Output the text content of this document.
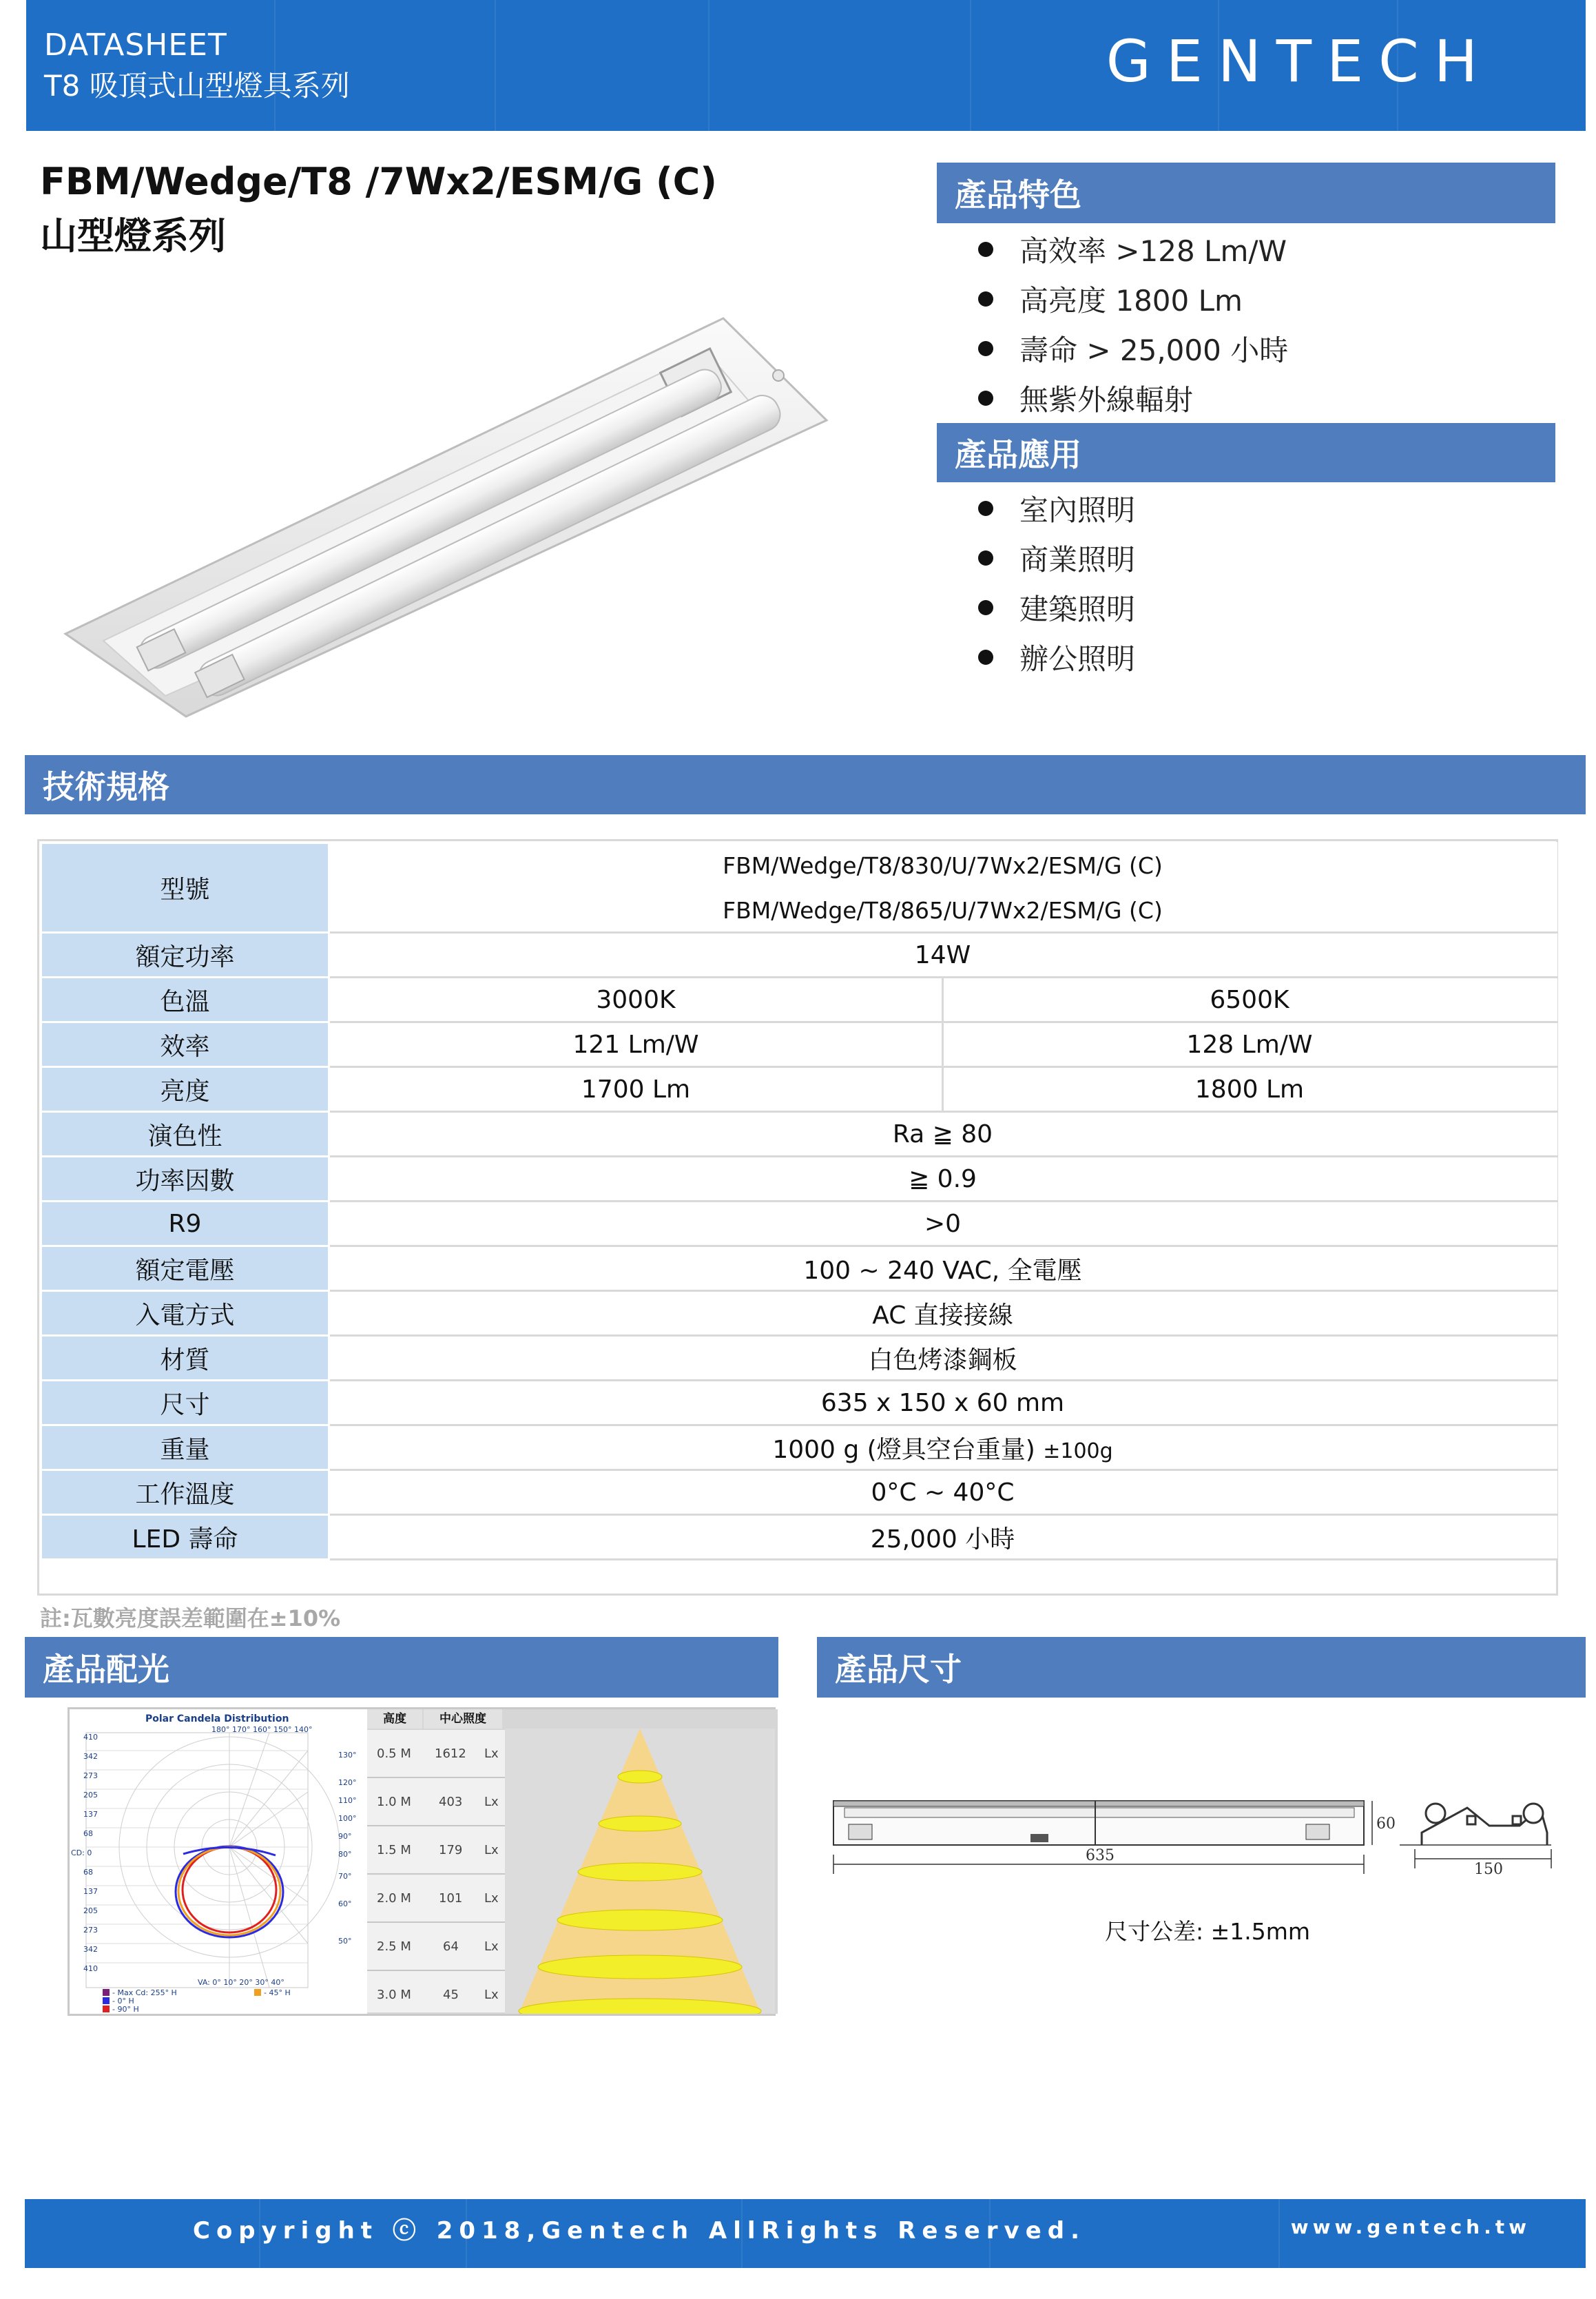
DATASHEET
T8 吸頂式山型燈具系列	GENTECH
FBM/Wedge/T8 /7Wx2/ESM/G (C)
山型燈系列
產品特色
高效率 >128 Lm/W
高亮度 1800 Lm
壽命 > 25,000 小時
無紫外線輻射
產品應用
室內照明
商業照明
建築照明
辦公照明
技術規格
型號	FBM/Wedge/T8/830/U/7Wx2/ESM/G (C)	
	FBM/Wedge/T8/865/U/7Wx2/ESM/G (C)	
額定功率	14W	
色溫	3000K	6500K
效率	121 Lm/W	128 Lm/W
亮度	1700 Lm	1800 Lm
演色性	Ra ≧ 80	
功率因數	≧ 0.9	
R9	>0	
額定電壓	100 ~ 240 VAC, 全電壓	
入電方式	AC 直接接線	
材質	白色烤漆鋼板	
尺寸	635 x 150 x 60 mm	
重量	1000 g (燈具空台重量) ±100g	
工作溫度	0°C ~ 40°C	
LED 壽命	25,000 小時	
註:瓦數亮度誤差範圍在±10%
產品配光
Polar Candela Distribution
180° 170° 160° 150° 140°
410
342
273
205
137
68
CD: 0
68
137
205
273
342
410
130°
120°
110°
100°
90°
80°
70°
60°
50°
VA: 0° 10° 20° 30° 40°
- Max Cd: 255° H	- 45° H
- 0° H
- 90° H
高度	中心照度
0.5 M 1612 Lx
1.0 M 403 Lx
1.5 M 179 Lx
2.0 M 101 Lx
2.5 M	64 Lx
3.0 M	45 Lx
產品尺寸
635
60
150
尺寸公差: ±1.5mm
Copyright ⓒ 2018,Gentech AllRights Reserved.	www.gentech.tw
